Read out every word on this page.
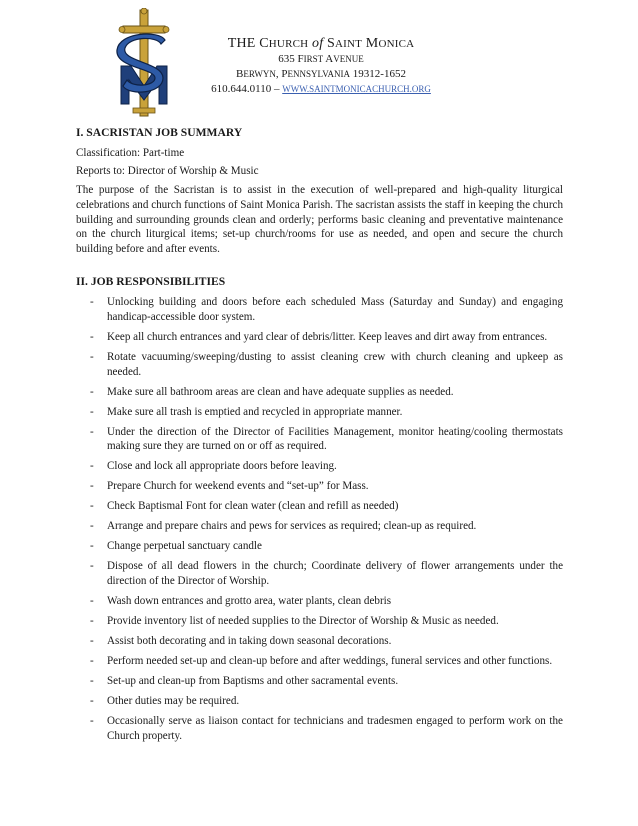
THE CHURCH of SAINT MONICA
635 FIRST AVENUE
BERWYN, PENNSYLVANIA 19312-1652
610.644.0110 – WWW.SAINTMONICACHURCH.ORG
I. SACRISTAN JOB SUMMARY
Classification: Part-time
Reports to: Director of Worship & Music
The purpose of the Sacristan is to assist in the execution of well-prepared and high-quality liturgical celebrations and church functions of Saint Monica Parish. The sacristan assists the staff in keeping the church building and surrounding grounds clean and orderly; performs basic cleaning and preventative maintenance on the church liturgical items; set-up church/rooms for use as needed, and open and secure the church building before and after events.
II. JOB RESPONSIBILITIES
- Unlocking building and doors before each scheduled Mass (Saturday and Sunday) and engaging handicap-accessible door system.
- Keep all church entrances and yard clear of debris/litter. Keep leaves and dirt away from entrances.
- Rotate vacuuming/sweeping/dusting to assist cleaning crew with church cleaning and upkeep as needed.
- Make sure all bathroom areas are clean and have adequate supplies as needed.
- Make sure all trash is emptied and recycled in appropriate manner.
- Under the direction of the Director of Facilities Management, monitor heating/cooling thermostats making sure they are turned on or off as required.
- Close and lock all appropriate doors before leaving.
- Prepare Church for weekend events and “set-up” for Mass.
- Check Baptismal Font for clean water (clean and refill as needed)
- Arrange and prepare chairs and pews for services as required; clean-up as required.
- Change perpetual sanctuary candle
- Dispose of all dead flowers in the church; Coordinate delivery of flower arrangements under the direction of the Director of Worship.
- Wash down entrances and grotto area, water plants, clean debris
- Provide inventory list of needed supplies to the Director of Worship & Music as needed.
- Assist both decorating and in taking down seasonal decorations.
- Perform needed set-up and clean-up before and after weddings, funeral services and other functions.
- Set-up and clean-up from Baptisms and other sacramental events.
- Other duties may be required.
- Occasionally serve as liaison contact for technicians and tradesmen engaged to perform work on the Church property.
